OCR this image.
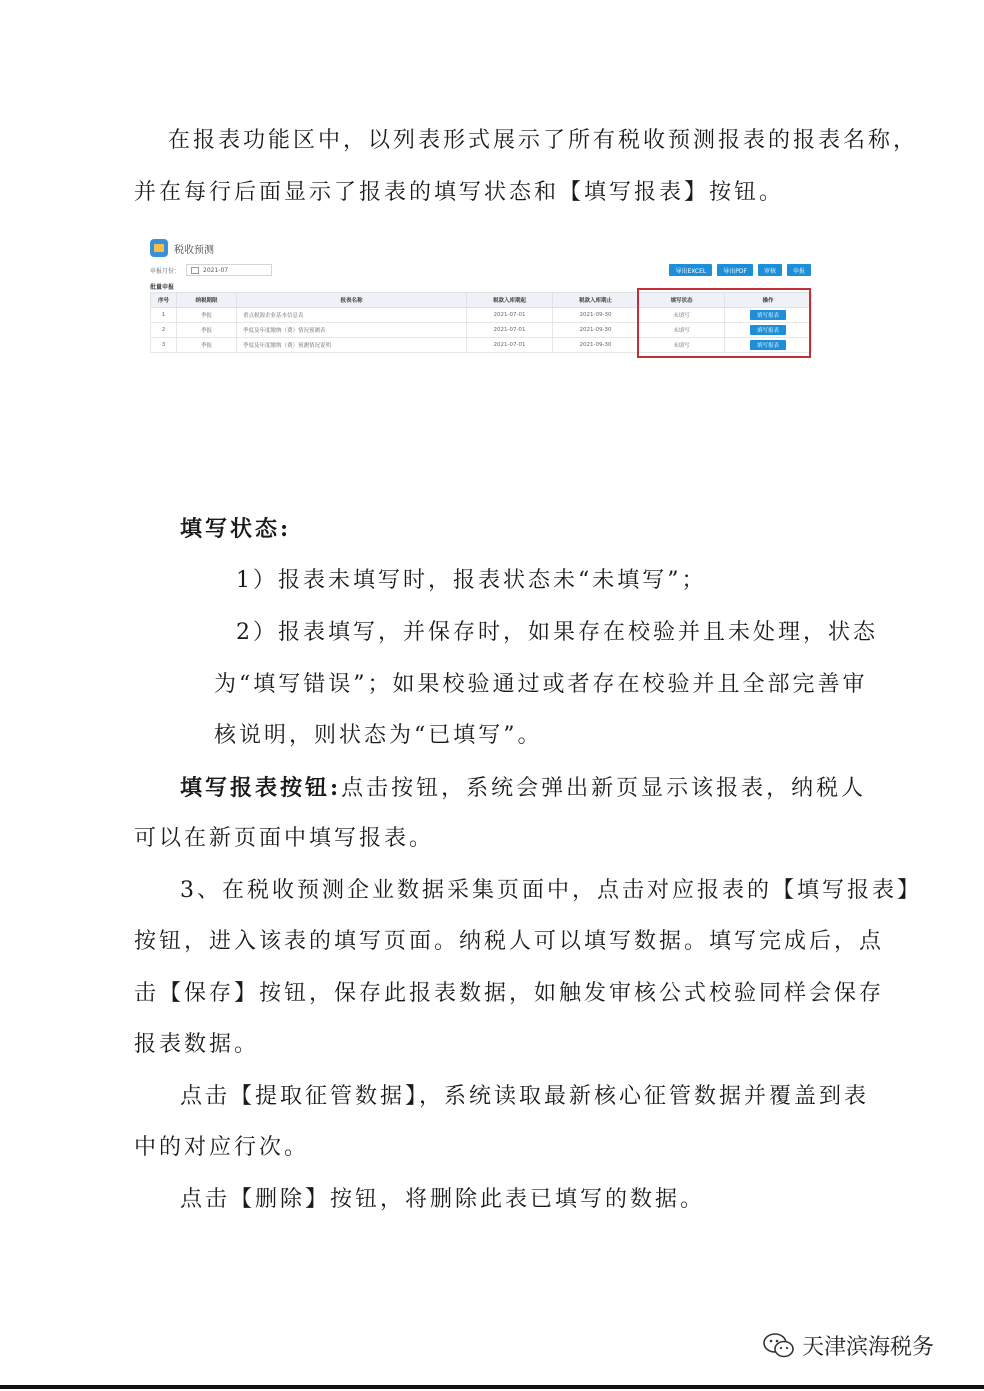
在报表功能区中，以列表形式展示了所有税收预测报表的报表名称，
并在每行后面显示了报表的填写状态和【填写报表】按钮。
税收预测
申报月份：	2021-07	导出EXCEL	导出PDF	审核	申报
批量申报
序号	纳税期限	报表名称	税款入库期起	税款入库期止	填写状态	操作
1	季报	重点税源企业基本信息表	2021-07-01	2021-09-30	未填写	填写报表
2	季报	季度及年度缴纳（费）情况预测表	2021-07-01	2021-09-30	未填写	填写报表
3	季报	季度及年度缴纳（费）预测情况说明	2021-07-01	2021-09-30	未填写	填写报表
填写状态:
1）报表未填写时，报表状态未“未填写”；
2）报表填写，并保存时，如果存在校验并且未处理，状态
为“填写错误”；如果校验通过或者存在校验并且全部完善审
核说明，则状态为“已填写”。
填写报表按钮:点击按钮，系统会弹出新页显示该报表，纳税人
可以在新页面中填写报表。
3、在税收预测企业数据采集页面中，点击对应报表的【填写报表】
按钮，进入该表的填写页面。纳税人可以填写数据。填写完成后，点
击【保存】按钮，保存此报表数据，如触发审核公式校验同样会保存
报表数据。
点击【提取征管数据】，系统读取最新核心征管数据并覆盖到表
中的对应行次。
点击【删除】按钮，将删除此表已填写的数据。
天津滨海税务
